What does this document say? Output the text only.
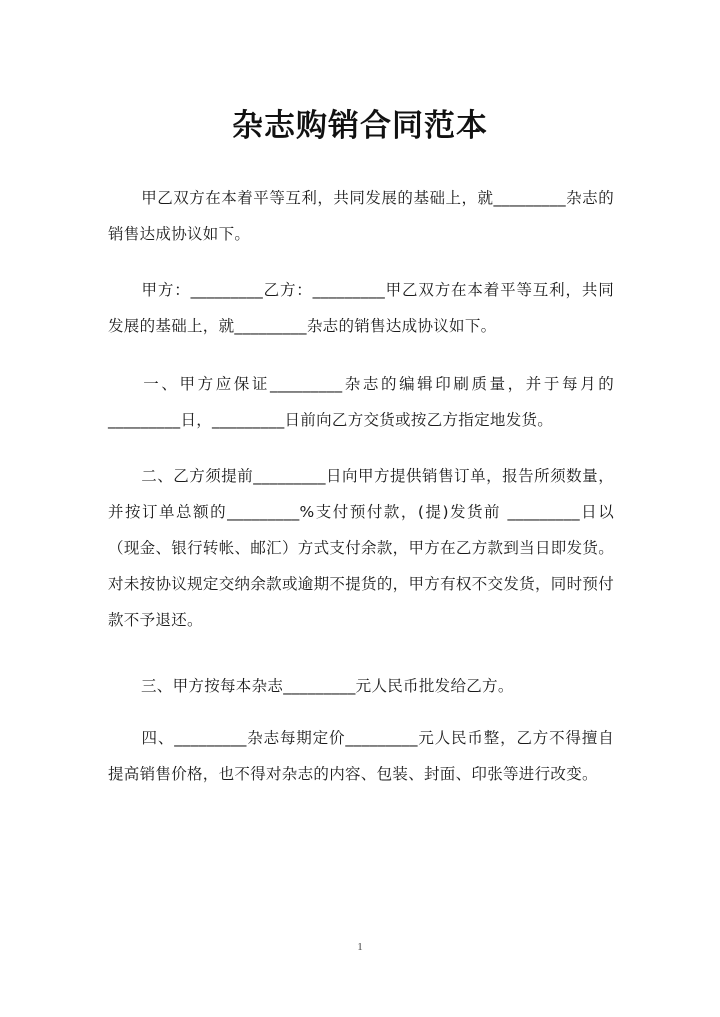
杂志购销合同范本
甲乙双方在本着平等互利，共同发展的基础上，就_________杂志的销售达成协议如下。
甲方：_________乙方：_________甲乙双方在本着平等互利，共同发展的基础上，就_________杂志的销售达成协议如下。
一、甲方应保证_________杂志的编辑印刷质量，并于每月的_________日，_________日前向乙方交货或按乙方指定地发货。
二、乙方须提前_________日向甲方提供销售订单，报告所须数量，并按订单总额的_________%支付预付款，(提)发货前 _________日以（现金、银行转帐、邮汇）方式支付余款，甲方在乙方款到当日即发货。对未按协议规定交纳余款或逾期不提货的，甲方有权不交发货，同时预付款不予退还。
三、甲方按每本杂志_________元人民币批发给乙方。
四、_________杂志每期定价_________元人民币整，乙方不得擅自提高销售价格，也不得对杂志的内容、包装、封面、印张等进行改变。
1
